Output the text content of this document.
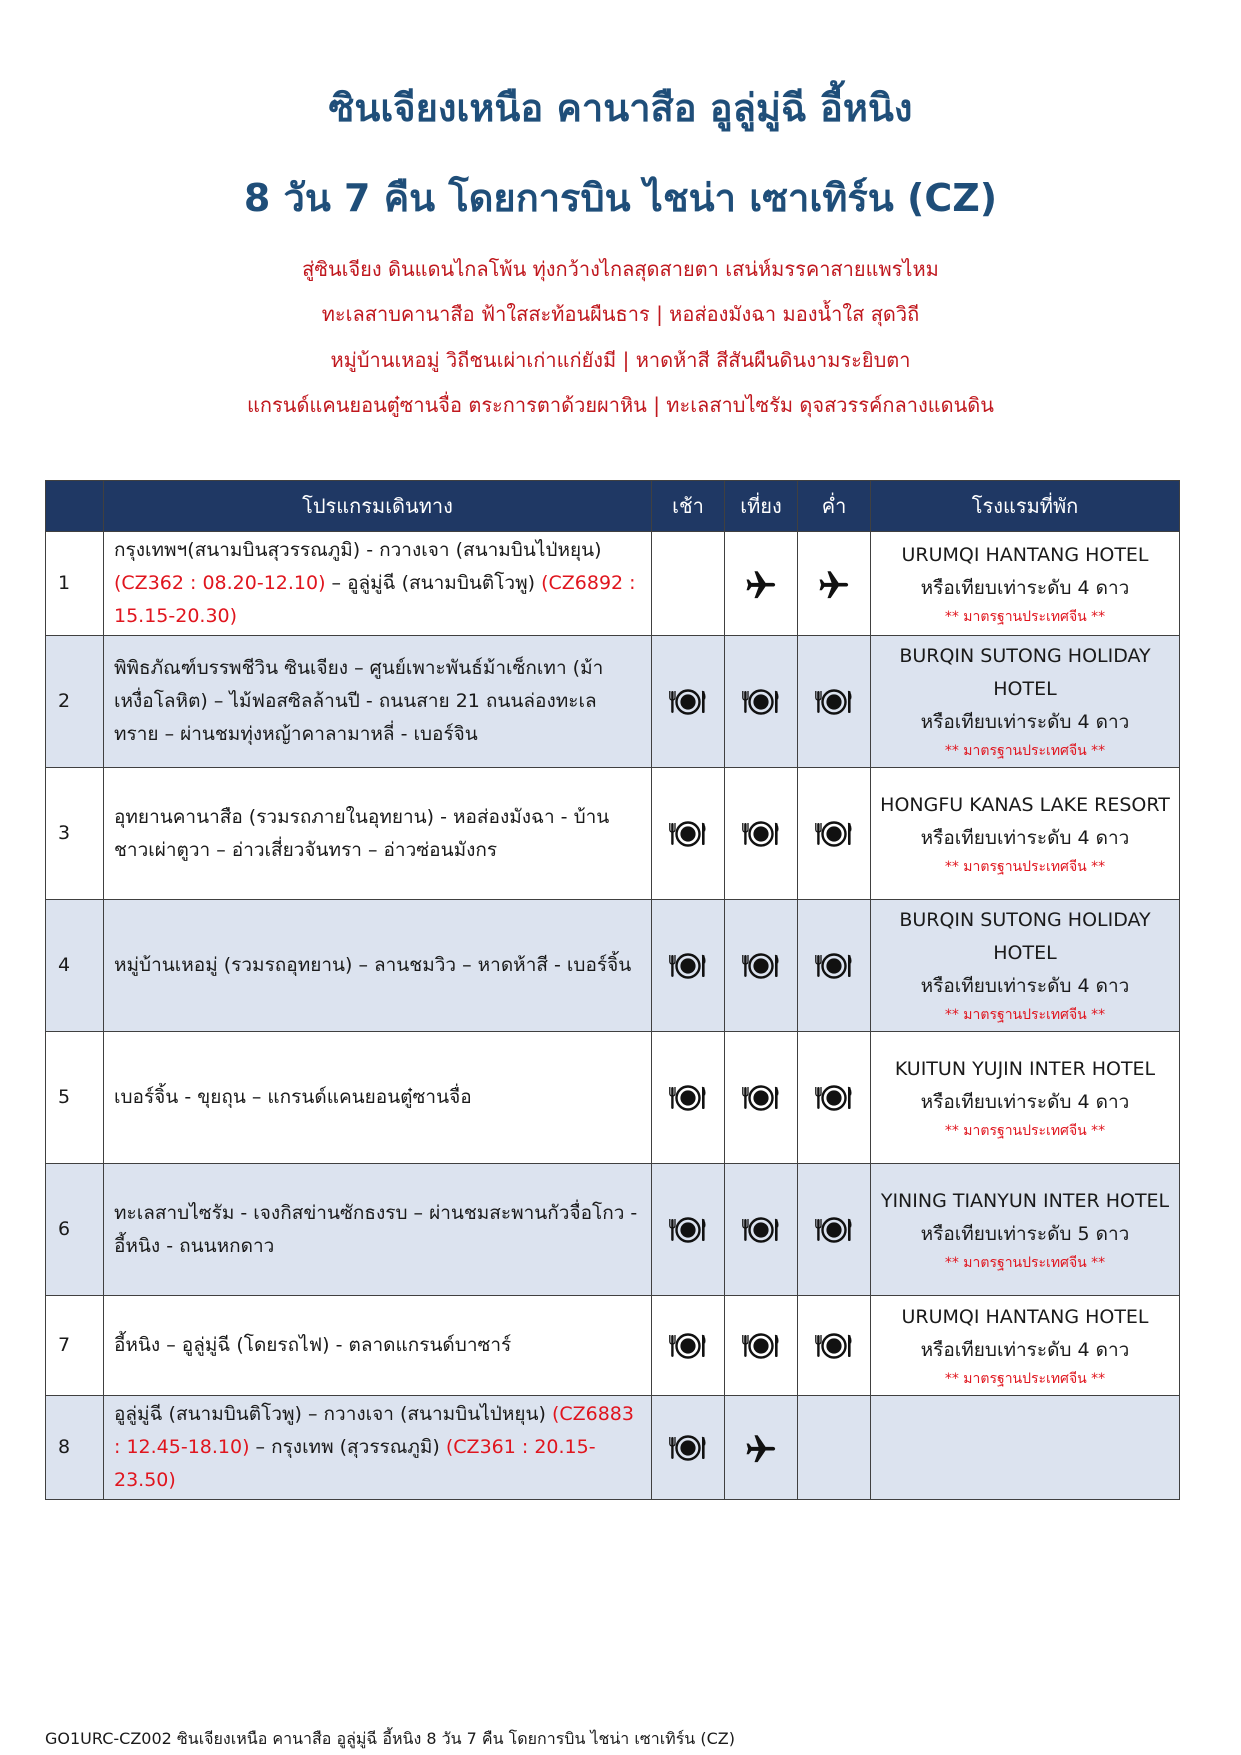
ซินเจียงเหนือ คานาสือ อูลู่มู่ฉี อี้หนิง
8 วัน 7 คืน โดยการบิน ไชน่า เซาเทิร์น (CZ)
สู่ซินเจียง ดินแดนไกลโพ้น ทุ่งกว้างไกลสุดสายตา เสน่ห์มรรคาสายแพรไหม
ทะเลสาบคานาสือ ฟ้าใสสะท้อนผืนธาร | หอส่องมังฉา มองน้ำใส สุดวิถี
หมู่บ้านเหอมู่ วิถีชนเผ่าเก่าแก่ยังมี | หาดห้าสี สีสันผืนดินงามระยิบตา
แกรนด์แคนยอนตู๋ซานจื่อ ตระการตาด้วยผาหิน | ทะเลสาบไซรัม ดุจสวรรค์กลางแดนดิน
	โปรแกรมเดินทาง	เช้า	เที่ยง	ค่ำ	โรงแรมที่พัก
1	กรุงเทพฯ(สนามบินสุวรรณภูมิ) - กวางเจา (สนามบินไป่หยุน) (CZ362 : 08.20-12.10) – อูลู่มู่ฉี (สนามบินติโวพู) (CZ6892 : 15.15-20.30)				URUMQI HANTANG HOTEL
หรือเทียบเท่าระดับ 4 ดาว
** มาตรฐานประเทศจีน **

2	พิพิธภัณฑ์บรรพชีวิน ซินเจียง – ศูนย์เพาะพันธ์ม้าเซ็กเทา (ม้าเหงื่อโลหิต) – ไม้ฟอสซิลล้านปี - ถนนสาย 21 ถนนล่องทะเลทราย – ผ่านชมทุ่งหญ้าคาลามาหลี่ - เบอร์จิน				BURQIN SUTONG HOLIDAY HOTEL
หรือเทียบเท่าระดับ 4 ดาว
** มาตรฐานประเทศจีน **

3	อุทยานคานาสือ (รวมรถภายในอุทยาน) - หอส่องมังฉา - บ้านชาวเผ่าตูวา – อ่าวเสี่ยวจันทรา – อ่าวซ่อนมังกร				HONGFU KANAS LAKE RESORT
หรือเทียบเท่าระดับ 4 ดาว
** มาตรฐานประเทศจีน **

4	หมู่บ้านเหอมู่ (รวมรถอุทยาน) – ลานชมวิว – หาดห้าสี - เบอร์จิ้น				BURQIN SUTONG HOLIDAY HOTEL
หรือเทียบเท่าระดับ 4 ดาว
** มาตรฐานประเทศจีน **

5	เบอร์จิ้น - ขุยถุน – แกรนด์แคนยอนตู๋ซานจื่อ				KUITUN YUJIN INTER HOTEL
หรือเทียบเท่าระดับ 4 ดาว
** มาตรฐานประเทศจีน **

6	ทะเลสาบไซรัม - เจงกิสข่านซักธงรบ – ผ่านชมสะพานกัวจื่อโกว - อี้หนิง - ถนนหกดาว				YINING TIANYUN INTER HOTEL
หรือเทียบเท่าระดับ 5 ดาว
** มาตรฐานประเทศจีน **

7	อี้หนิง – อูลู่มู่ฉี (โดยรถไฟ) - ตลาดแกรนด์บาซาร์				URUMQI HANTANG HOTEL
หรือเทียบเท่าระดับ 4 ดาว
** มาตรฐานประเทศจีน **

8	อูลู่มู่ฉี (สนามบินติโวพู) – กวางเจา (สนามบินไป่หยุน) (CZ6883 : 12.45-18.10) – กรุงเทพ (สุวรรณภูมิ) (CZ361 : 20.15-23.50)				
GO1URC-CZ002 ซินเจียงเหนือ คานาสือ อูลู่มู่ฉี อี้หนิง 8 วัน 7 คืน โดยการบิน ไชน่า เซาเทิร์น (CZ)
